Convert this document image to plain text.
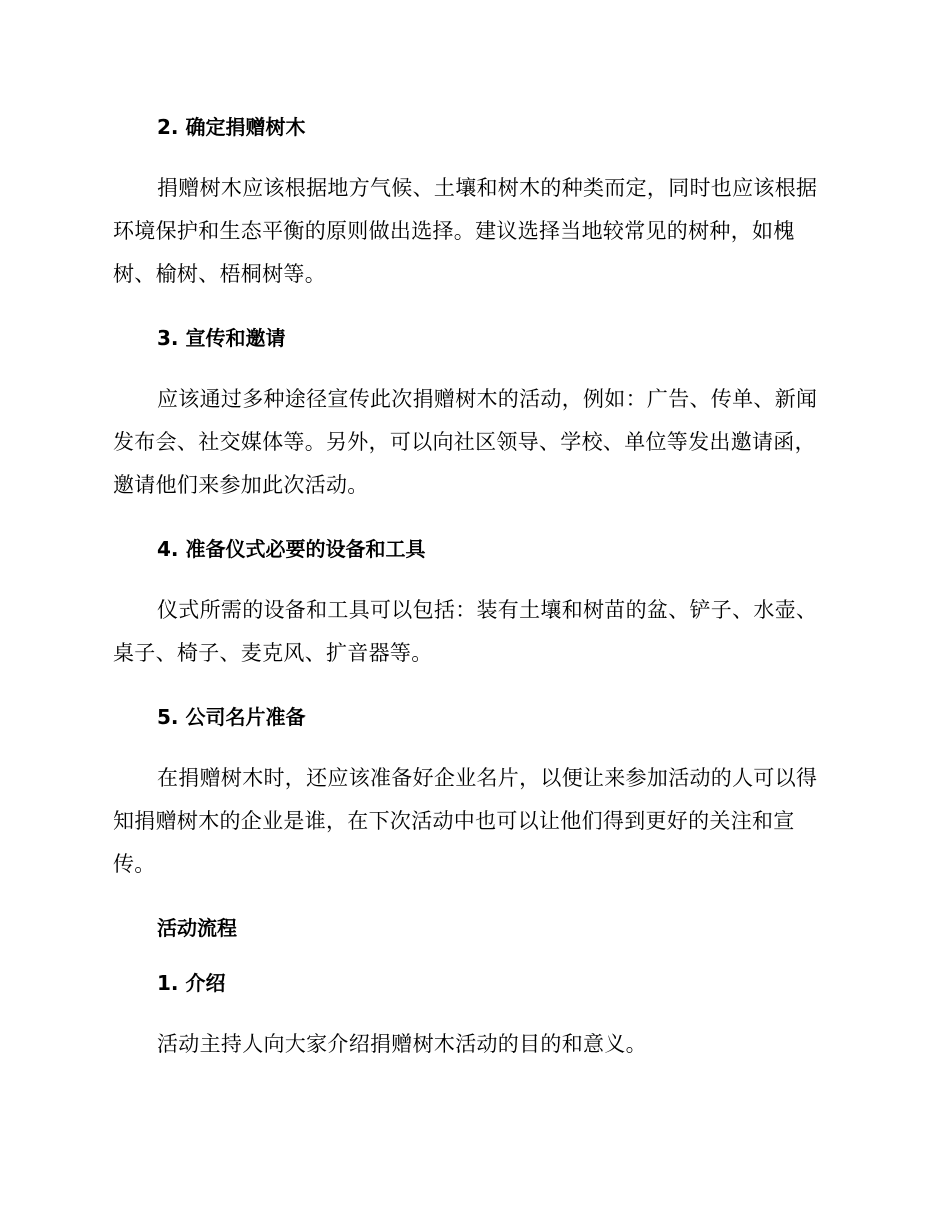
2. 确定捐赠树木

捐赠树木应该根据地方气候、土壤和树木的种类而定，同时也应该根据环境保护和生态平衡的原则做出选择。建议选择当地较常见的树种，如槐树、榆树、梧桐树等。

3. 宣传和邀请

应该通过多种途径宣传此次捐赠树木的活动，例如：广告、传单、新闻发布会、社交媒体等。另外，可以向社区领导、学校、单位等发出邀请函，邀请他们来参加此次活动。

4. 准备仪式必要的设备和工具

仪式所需的设备和工具可以包括：装有土壤和树苗的盆、铲子、水壶、桌子、椅子、麦克风、扩音器等。

5. 公司名片准备

在捐赠树木时，还应该准备好企业名片，以便让来参加活动的人可以得知捐赠树木的企业是谁，在下次活动中也可以让他们得到更好的关注和宣传。

活动流程
1. 介绍

活动主持人向大家介绍捐赠树木活动的目的和意义。
